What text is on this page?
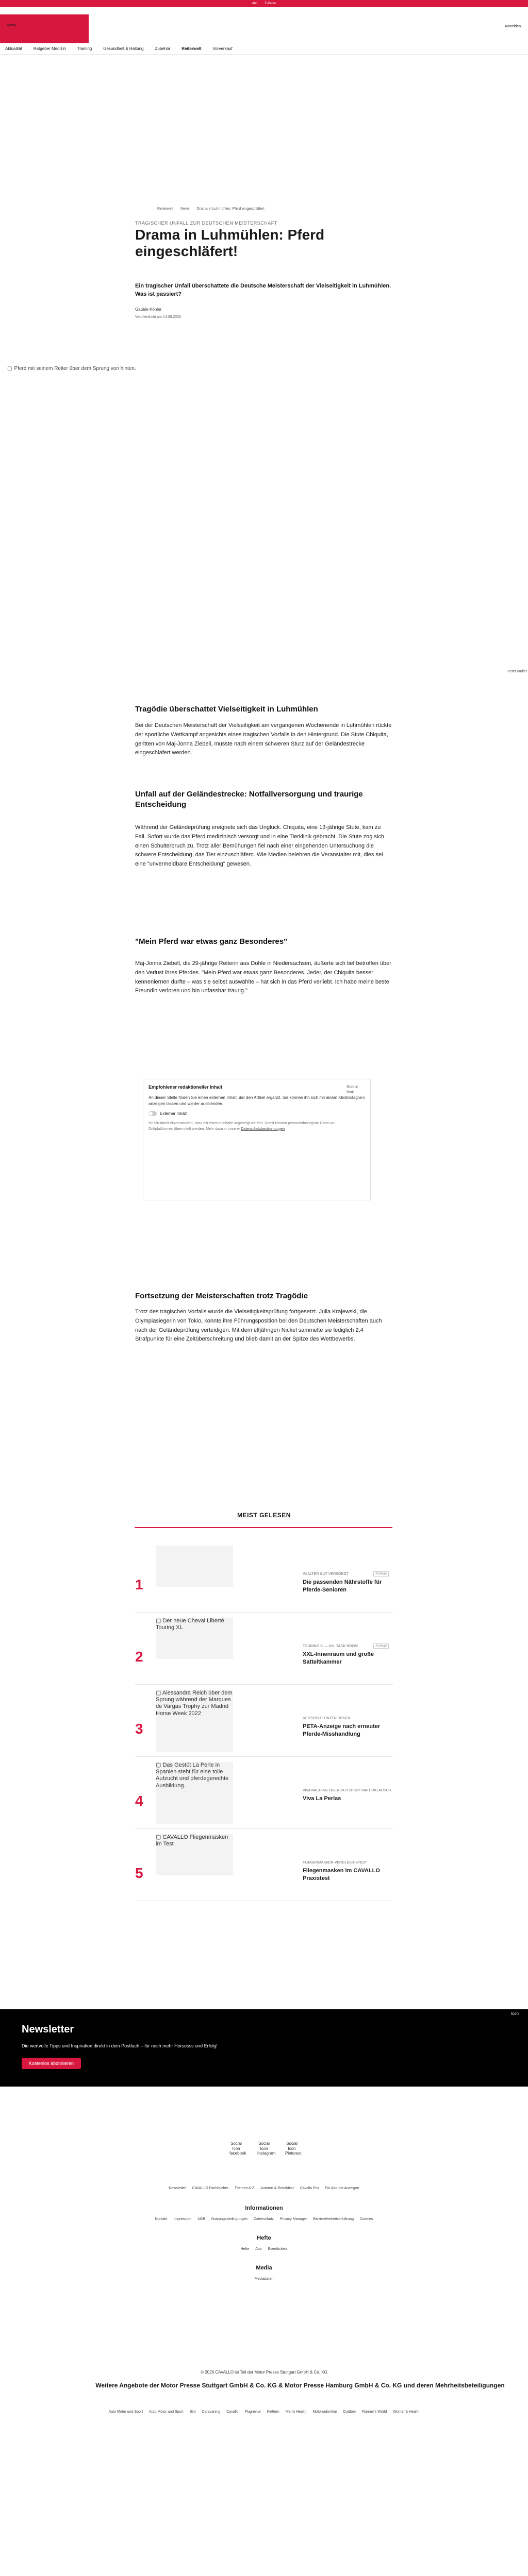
Abo E-Paper
Menü	Anmelden
Aktualität	Ratgeber Medizin	Training	Gesundheit & Haltung	Zubehör	Reiterwelt	Vorverkauf
Reiterwelt News Drama in Luhmühlen: Pferd eingeschläfert
TRAGISCHER UNFALL ZUR DEUTSCHEN MEISTERSCHAFT
Drama in Luhmühlen: Pferd eingeschläfert!

Ein tragischer Unfall überschattete die Deutsche Meisterschaft der Vielseitigkeit in Luhmühlen. Was ist passiert?

Gabbie Köhler
Veröffentlicht am 14.06.2025
▢ Pferd mit seinem Reiter über dem Sprung von hinten.
Peter Müller
Tragödie überschattet Vielseitigkeit in Luhmühlen

Bei der Deutschen Meisterschaft der Vielseitigkeit am vergangenen Wochenende in Luhmühlen rückte der sportliche Wettkampf angesichts eines tragischen Vorfalls in den Hintergrund. Die Stute Chiquita, geritten von Maj-Jonna Ziebell, musste nach einem schweren Sturz auf der Geländestrecke eingeschläfert werden.

Unfall auf der Geländestrecke: Notfallversorgung und traurige Entscheidung

Während der Geländeprüfung ereignete sich das Unglück. Chiquita, eine 13-jährige Stute, kam zu Fall. Sofort wurde das Pferd medizinisch versorgt und in eine Tierklinik gebracht. Die Stute zog sich einen Schulterbruch zu. Trotz aller Bemühungen fiel nach einer eingehenden Untersuchung die schwere Entscheidung, das Tier einzuschläfern. Wie Medien belehren die Veranstalter mit, dies sei eine "unvermeidbare Entscheidung" gewesen.

"Mein Pferd war etwas ganz Besonderes"

Maj-Jonna Ziebell, die 29-jährige Reiterin aus Döhle in Niedersachsen, äußerte sich tief betroffen über den Verlust ihres Pferdes. "Mein Pferd war etwas ganz Besonderes. Jeder, der Chiquita besser kennenlernen durfte – was sie selbst auswählte – hat sich in das Pferd verliebt. Ich habe meine beste Freundin verloren und bin unfassbar traurig."

Empfohlener redaktioneller Inhalt	Social Icon Instagram
An dieser Stelle finden Sie einen externen Inhalt, der den Artikel ergänzt. Sie können ihn sich mit einem Klick anzeigen lassen und wieder ausblenden.
Externer Inhalt
Ich bin damit einverstanden, dass mir externe Inhalte angezeigt werden. Damit können personenbezogene Daten an Drittplattformen übermittelt werden. Mehr dazu in unserer Datenschutzbestimmungen
Fortsetzung der Meisterschaften trotz Tragödie

Trotz des tragischen Vorfalls wurde die Vielseitigkeitsprüfung fortgesetzt. Julia Krajewski, die Olympiasiegerin von Tokio, konnte ihre Führungsposition bei den Deutschen Meisterschaften auch nach der Geländeprüfung verteidigen. Mit dem elfjährigen Nickel sammelte sie lediglich 2,4 Strafpunkte für eine Zeitüberschreitung und blieb damit an der Spitze des Wettbewerbs.

MEIST GELESEN
1
IM ALTER GUT VERSORGT	Anzeige
Die passenden Nährstoffe für Pferde-Senioren
2
▢ Der neue Cheval Liberté Touring XL
TOURING XL – XXL TACK ROOM	Anzeige
XXL-Innenraum und große Satteltkammer
3
▢ Alessandra Reich über dem Sprung während der Marques de Vargas Trophy zur Madrid Horse Week 2022
REITSPORT UNTER DRUCK
PETA-Anzeige nach erneuter Pferde-Misshandlung
4
▢ Das Gestüt La Perle in Spanien steht für eine tolle Aufzucht und pferdegerechte Ausbildung.
VIVA NACHHALTIGER REITSPORT-NATURKLAUSUR
Viva La Perlas
5
▢ CAVALLO Fliegenmasken im Test
FLIEGENMASKEN-VERGLEICHSTEST
Fliegenmasken im CAVALLO Praxistest
Newsletter
Die wertvolle Tipps und Inspiration direkt in dein Postfach – für noch mehr Horsesss und Erfolg!
Kostenlos abonnieren
Icon
Social Icon facebook
Social Icon Instagram
Social Icon Pinterest
Newsletter CAVALLO Fachbücher Themen A-Z Autoren & Redaktion Cavallo Pro Für Abo bei Anzeigen
Informationen
Kontakt Impressum AGB Nutzungsbedingungen Datenschutz Privacy Manager Barrierefreiheitserklärung Cookies
Hefte
Hefte Abo Eventtickets
Media
Mediadaten
© 2026 CAVALLO ist Teil der Motor Presse Stuttgart GmbH & Co. KG
Weitere Angebote der Motor Presse Stuttgart GmbH & Co. KG & Motor Presse Hamburg GmbH & Co. KG und deren Mehrheitsbeteiligungen
Auto Motor und Sport Auto Motor und Sport Bild Caravaning Cavallo Flugrevue Klettern Men's Health Motorradonline Outdoor Runner's World Women's Health
